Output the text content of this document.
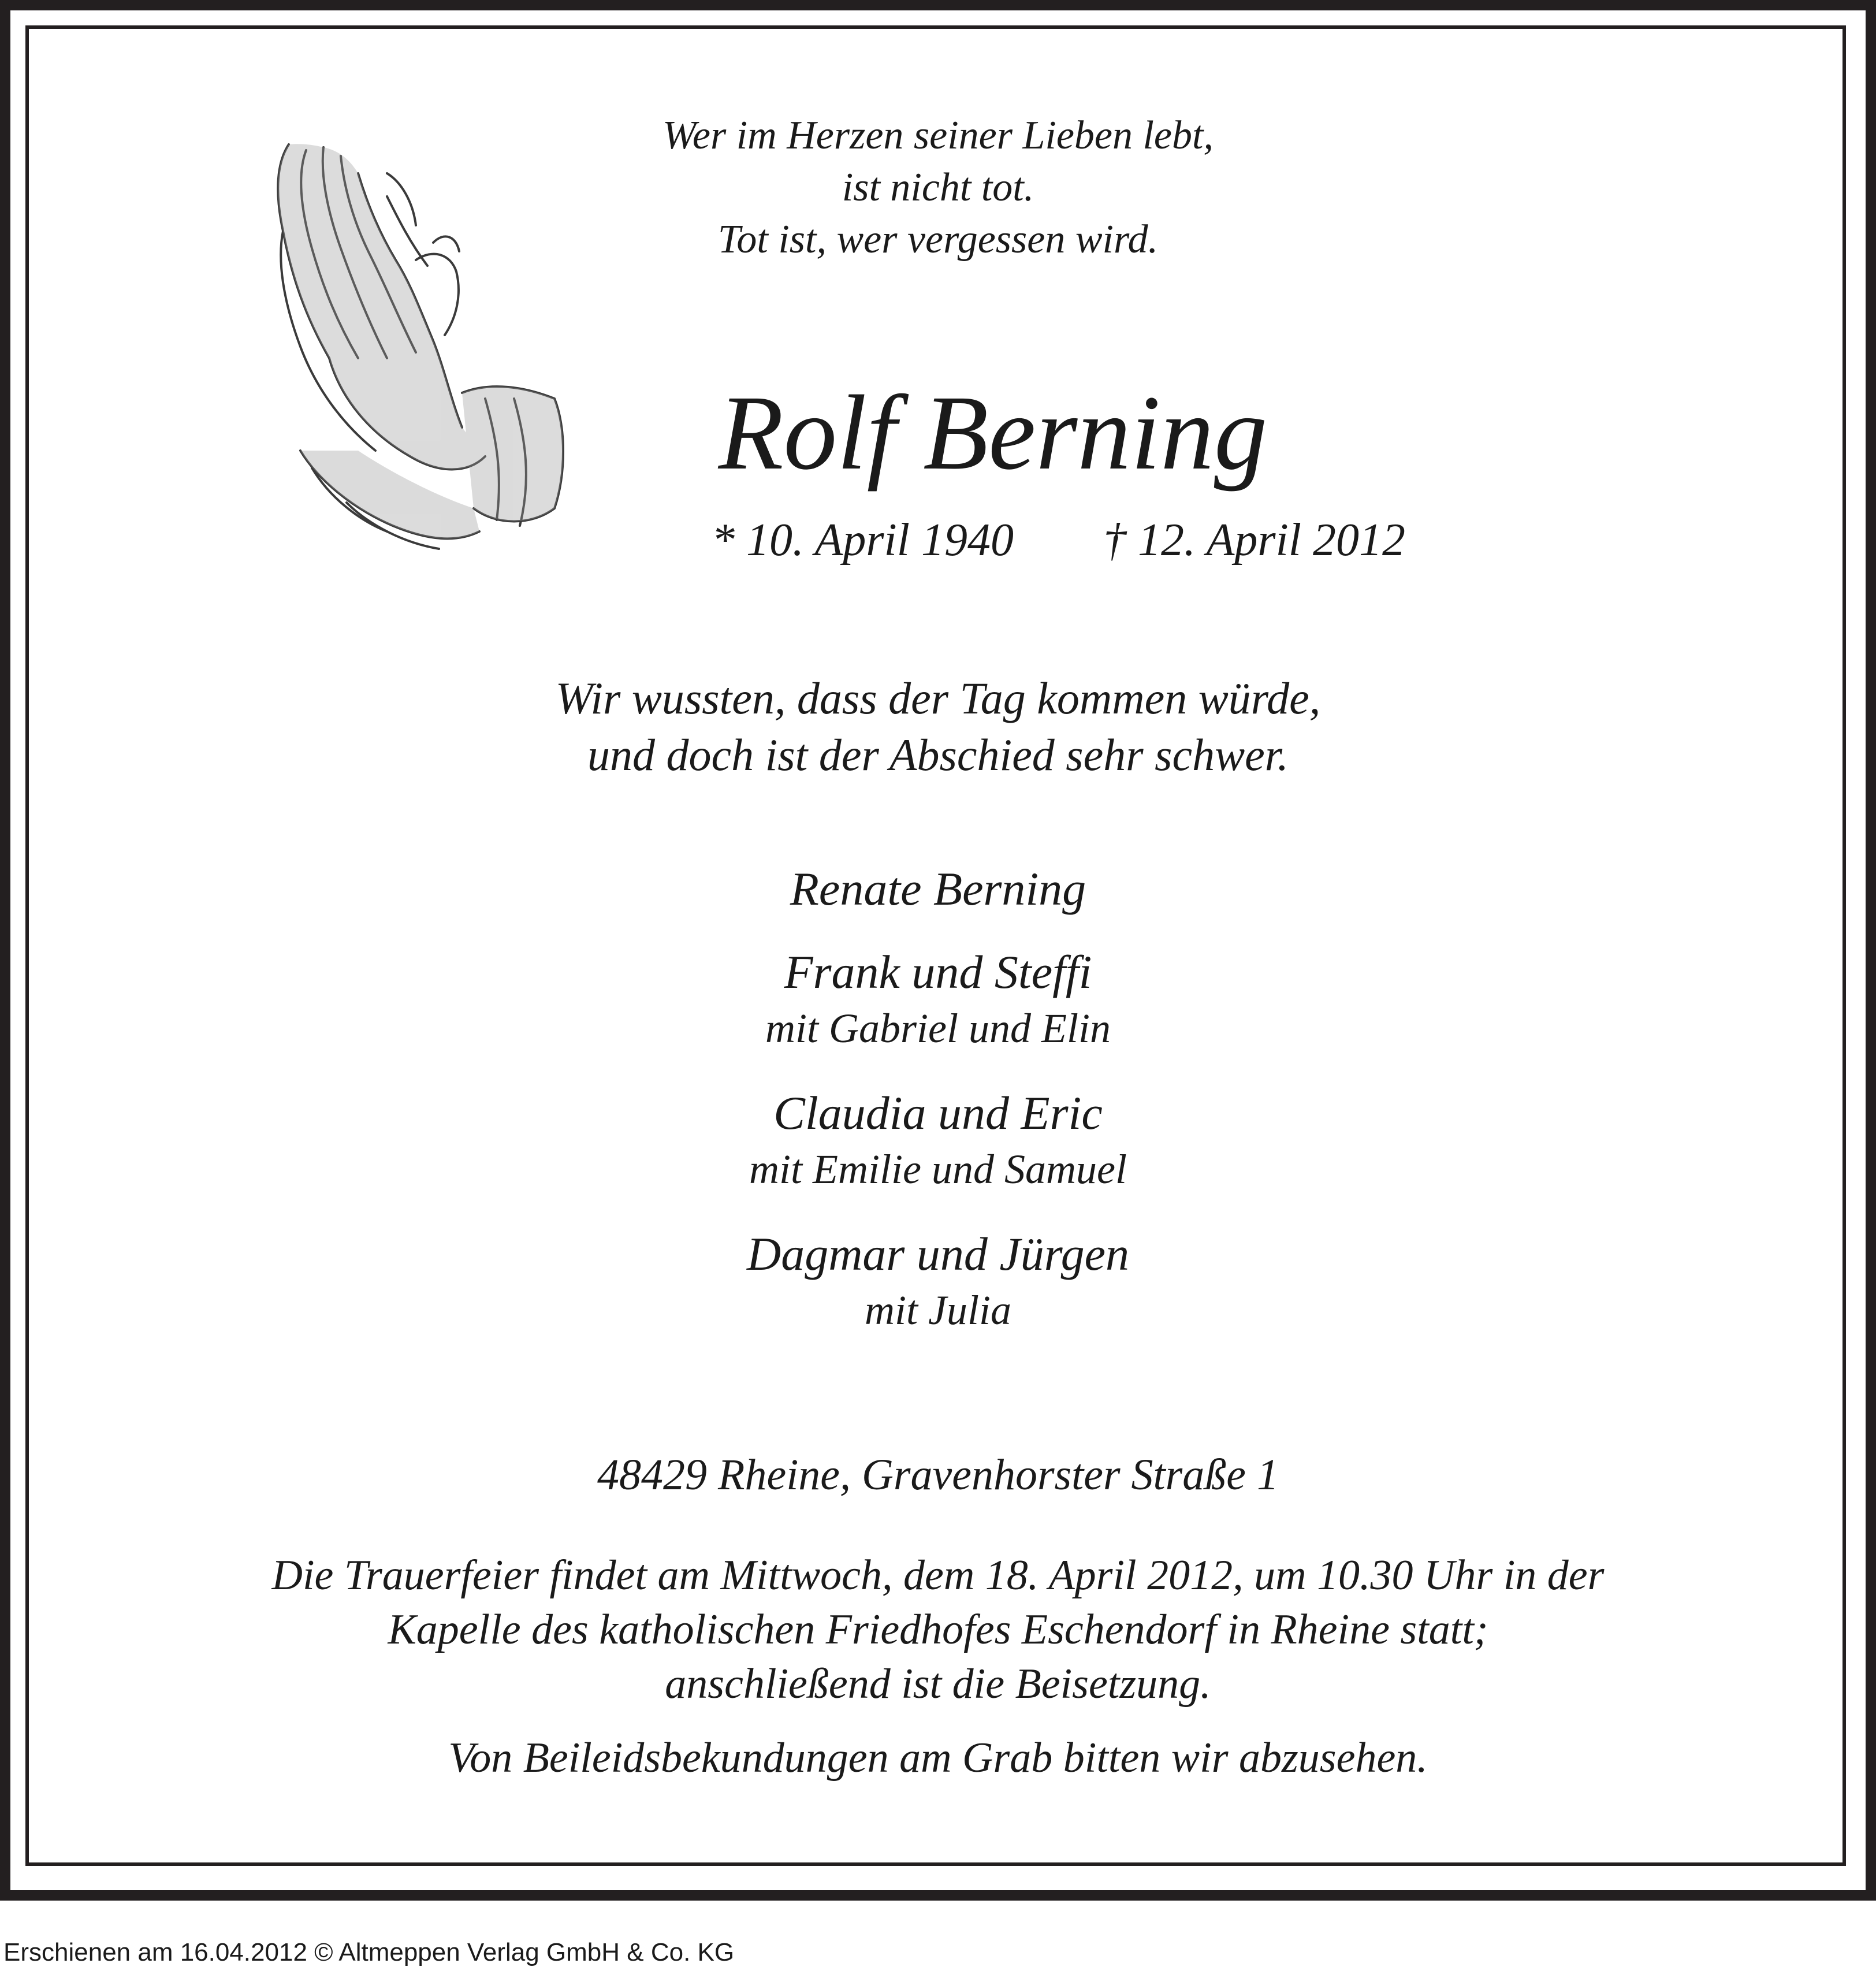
Wer im Herzen seiner Lieben lebt,
ist nicht tot.
Tot ist, wer vergessen wird.
Rolf Berning
* 10. April 1940 † 12. April 2012
Wir wussten, dass der Tag kommen würde,
und doch ist der Abschied sehr schwer.
Renate Berning
Frank und Steffi
mit Gabriel und Elin
Claudia und Eric
mit Emilie und Samuel
Dagmar und Jürgen
mit Julia
48429 Rheine, Gravenhorster Straße 1
Die Trauerfeier findet am Mittwoch, dem 18. April 2012, um 10.30 Uhr in der
Kapelle des katholischen Friedhofes Eschendorf in Rheine statt;
anschließend ist die Beisetzung.
Von Beileidsbekundungen am Grab bitten wir abzusehen.
Erschienen am 16.04.2012 © Altmeppen Verlag GmbH & Co. KG
